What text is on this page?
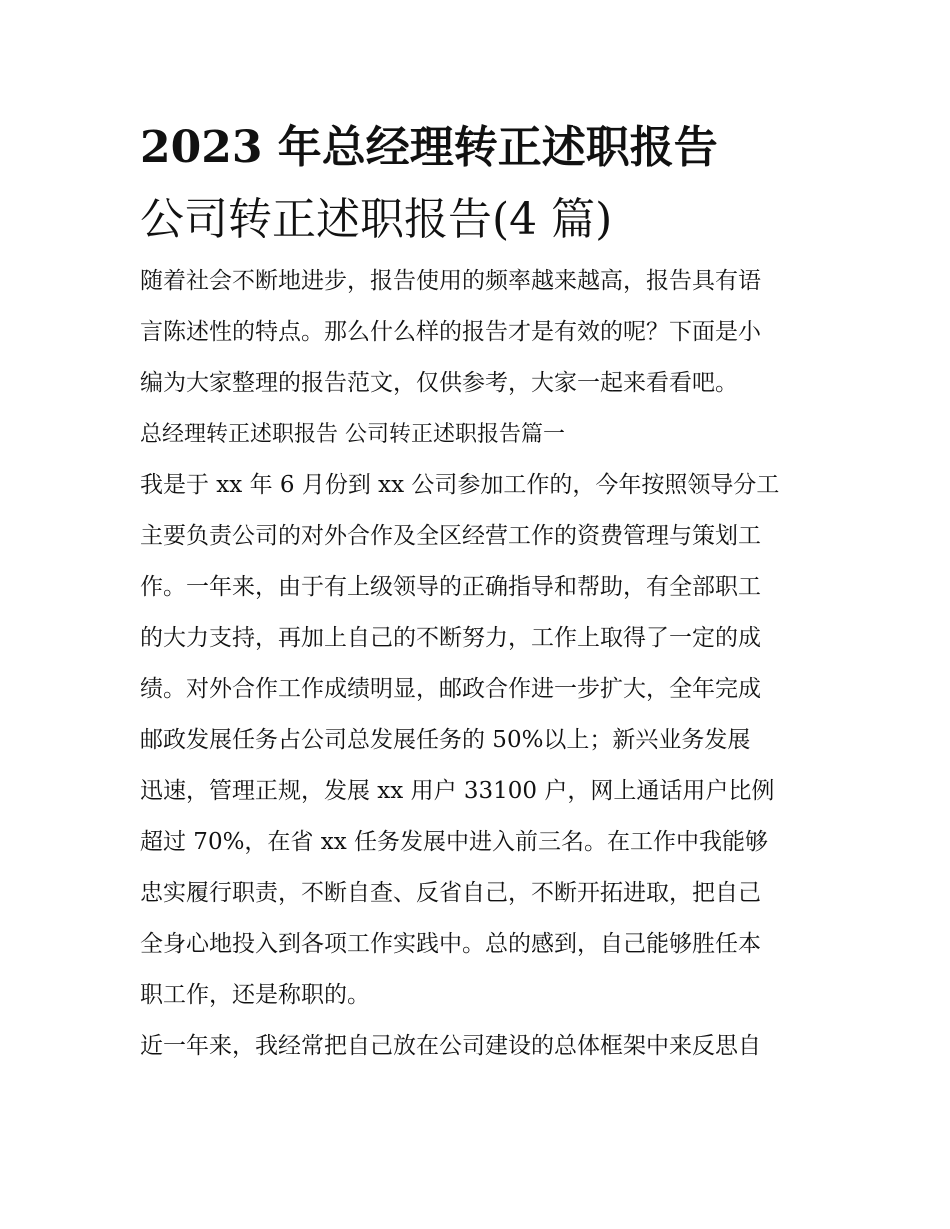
2023 年总经理转正述职报告
公司转正述职报告(4 篇)
随着社会不断地进步，报告使用的频率越来越高，报告具有语
言陈述性的特点。那么什么样的报告才是有效的呢？下面是小
编为大家整理的报告范文，仅供参考，大家一起来看看吧。
总经理转正述职报告 公司转正述职报告篇一
我是于 xx 年 6 月份到 xx 公司参加工作的，今年按照领导分工
主要负责公司的对外合作及全区经营工作的资费管理与策划工
作。一年来，由于有上级领导的正确指导和帮助，有全部职工
的大力支持，再加上自己的不断努力，工作上取得了一定的成
绩。对外合作工作成绩明显，邮政合作进一步扩大，全年完成
邮政发展任务占公司总发展任务的 50%以上；新兴业务发展
迅速，管理正规，发展 xx 用户 33100 户，网上通话用户比例
超过 70%，在省 xx 任务发展中进入前三名。在工作中我能够
忠实履行职责，不断自查、反省自己，不断开拓进取，把自己
全身心地投入到各项工作实践中。总的感到，自己能够胜任本
职工作，还是称职的。
近一年来，我经常把自己放在公司建设的总体框架中来反思自
